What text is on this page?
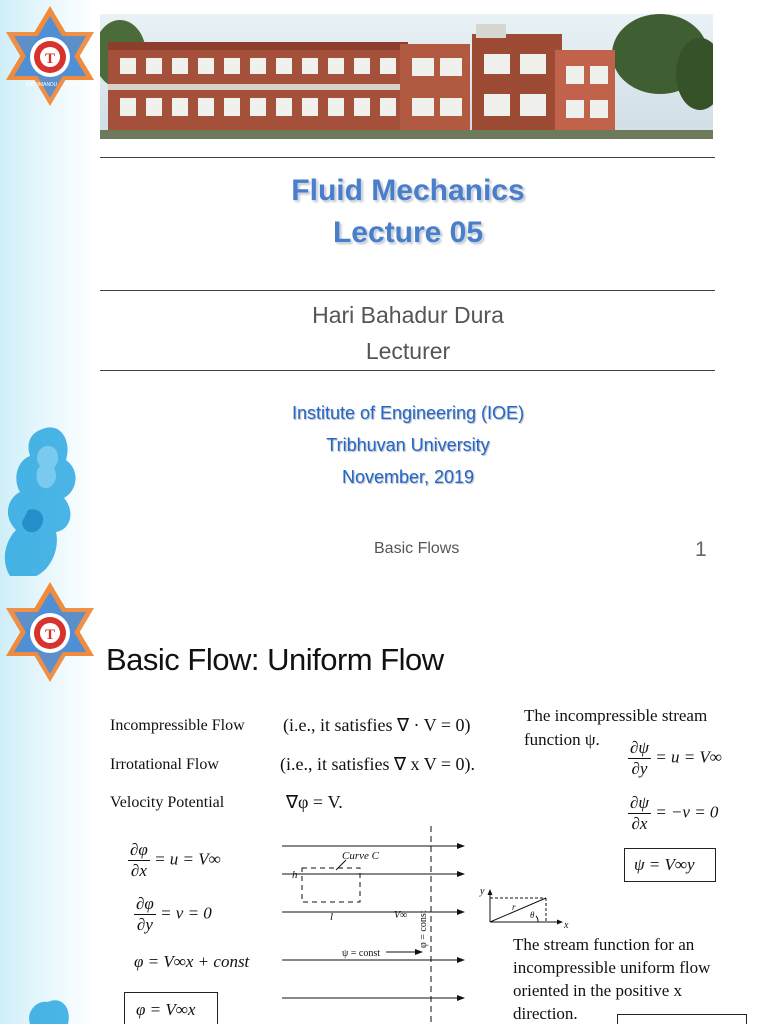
T
KATHMANDU NEPAL
Fluid Mechanics
Lecture 05
Hari Bahadur Dura
Lecturer
Institute of Engineering (IOE)
Tribhuvan University
November, 2019
Basic Flows	1
T
Basic Flow: Uniform Flow
Incompressible Flow (i.e., it satisfies ∇ · V = 0)
Irrotational Flow	(i.e., it satisfies ∇ x V = 0).
Velocity Potential	∇φ = V.
The incompressible stream
function ψ. $\frac{\partial\psi}{\partial y} = u = V\infty$
$\frac{\partial\psi}{\partial x} = -v = 0$
ψ = V∞y
$\frac{\partial\varphi}{\partial x} = u = V\infty$
$\frac{\partial\varphi}{\partial y} = v = 0$
φ = V∞x + const
φ = V∞x
Curve C
h
l	V∞
ψ = const
φ = const
y
x
r
θ
The stream function for an
incompressible uniform flow
oriented in the positive x
direction.
